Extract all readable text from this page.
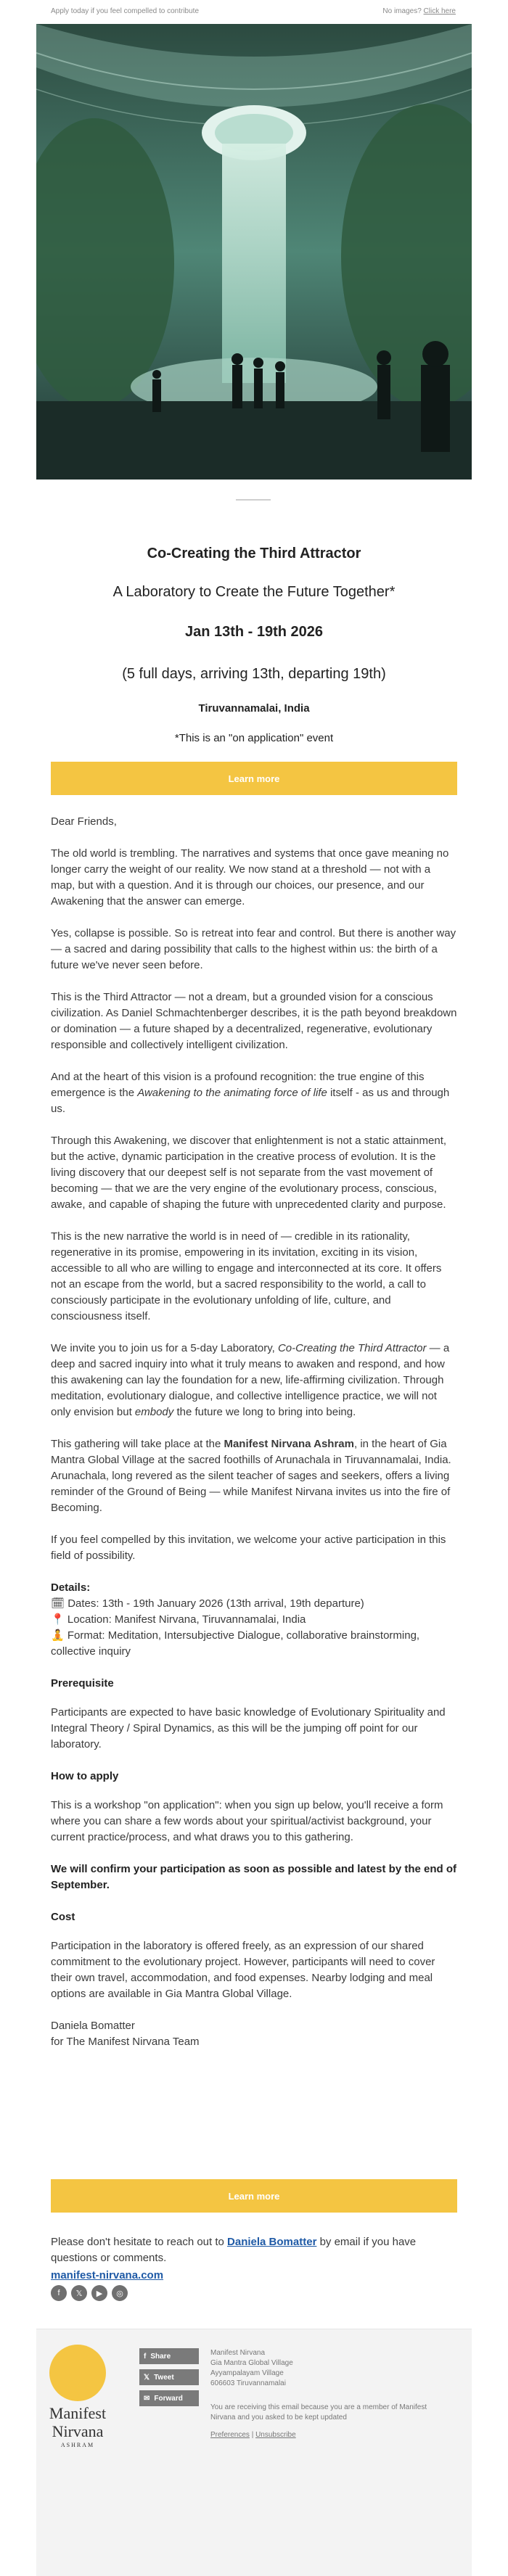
Apply today if you feel compelled to contribute	No images? Click here
Co-Creating the Third Attractor
A Laboratory to Create the Future Together*
Jan 13th - 19th 2026
(5 full days, arriving 13th, departing 19th)
Tiruvannamalai, India
*This is an "on application" event
Learn more

Dear Friends,

The old world is trembling. The narratives and systems that once gave meaning no longer carry the weight of our reality. We now stand at a threshold — not with a map, but with a question. And it is through our choices, our presence, and our Awakening that the answer can emerge.

Yes, collapse is possible. So is retreat into fear and control. But there is another way — a sacred and daring possibility that calls to the highest within us: the birth of a future we've never seen before.

This is the Third Attractor — not a dream, but a grounded vision for a conscious civilization. As Daniel Schmachtenberger describes, it is the path beyond breakdown or domination — a future shaped by a decentralized, regenerative, evolutionary responsible and collectively intelligent civilization.

And at the heart of this vision is a profound recognition: the true engine of this emergence is the Awakening to the animating force of life itself - as us and through us.

Through this Awakening, we discover that enlightenment is not a static attainment, but the active, dynamic participation in the creative process of evolution. It is the living discovery that our deepest self is not separate from the vast movement of becoming — that we are the very engine of the evolutionary process, conscious, awake, and capable of shaping the future with unprecedented clarity and purpose.

This is the new narrative the world is in need of — credible in its rationality, regenerative in its promise, empowering in its invitation, exciting in its vision, accessible to all who are willing to engage and interconnected at its core. It offers not an escape from the world, but a sacred responsibility to the world, a call to consciously participate in the evolutionary unfolding of life, culture, and consciousness itself.

We invite you to join us for a 5-day Laboratory, Co-Creating the Third Attractor — a deep and sacred inquiry into what it truly means to awaken and respond, and how this awakening can lay the foundation for a new, life-affirming civilization. Through meditation, evolutionary dialogue, and collective intelligence practice, we will not only envision but embody the future we long to bring into being.

This gathering will take place at the Manifest Nirvana Ashram, in the heart of Gia Mantra Global Village at the sacred foothills of Arunachala in Tiruvannamalai, India. Arunachala, long revered as the silent teacher of sages and seekers, offers a living reminder of the Ground of Being — while Manifest Nirvana invites us into the fire of Becoming.

If you feel compelled by this invitation, we welcome your active participation in this field of possibility.

Details:

🗓 Dates: 13th - 19th January 2026 (13th arrival, 19th departure)

📍 Location: Manifest Nirvana, Tiruvannamalai, India

🧘 Format: Meditation, Intersubjective Dialogue, collaborative brainstorming, collective inquiry

Prerequisite

Participants are expected to have basic knowledge of Evolutionary Spirituality and Integral Theory / Spiral Dynamics, as this will be the jumping off point for our laboratory.

How to apply

This is a workshop "on application": when you sign up below, you'll receive a form where you can share a few words about your spiritual/activist background, your current practice/process, and what draws you to this gathering.

We will confirm your participation as soon as possible and latest by the end of September.

Cost

Participation in the laboratory is offered freely, as an expression of our shared commitment to the evolutionary project. However, participants will need to cover their own travel, accommodation, and food expenses. Nearby lodging and meal options are available in Gia Mantra Global Village.

Daniela Bomatter

for The Manifest Nirvana Team

Learn more
Please don't hesitate to reach out to Daniela Bomatter by email if you have questions or comments.
manifest-nirvana.com
f	𝕏	▶	◎
Manifest
Nirvana
ASHRAM
f Share
𝕏 Tweet
✉ Forward
Manifest Nirvana
Gia Mantra Global Village
Ayyampalayam Village
606603 Tiruvannamalai
You are receiving this email because you are a member of Manifest Nirvana and you asked to be kept updated
Preferences | Unsubscribe
